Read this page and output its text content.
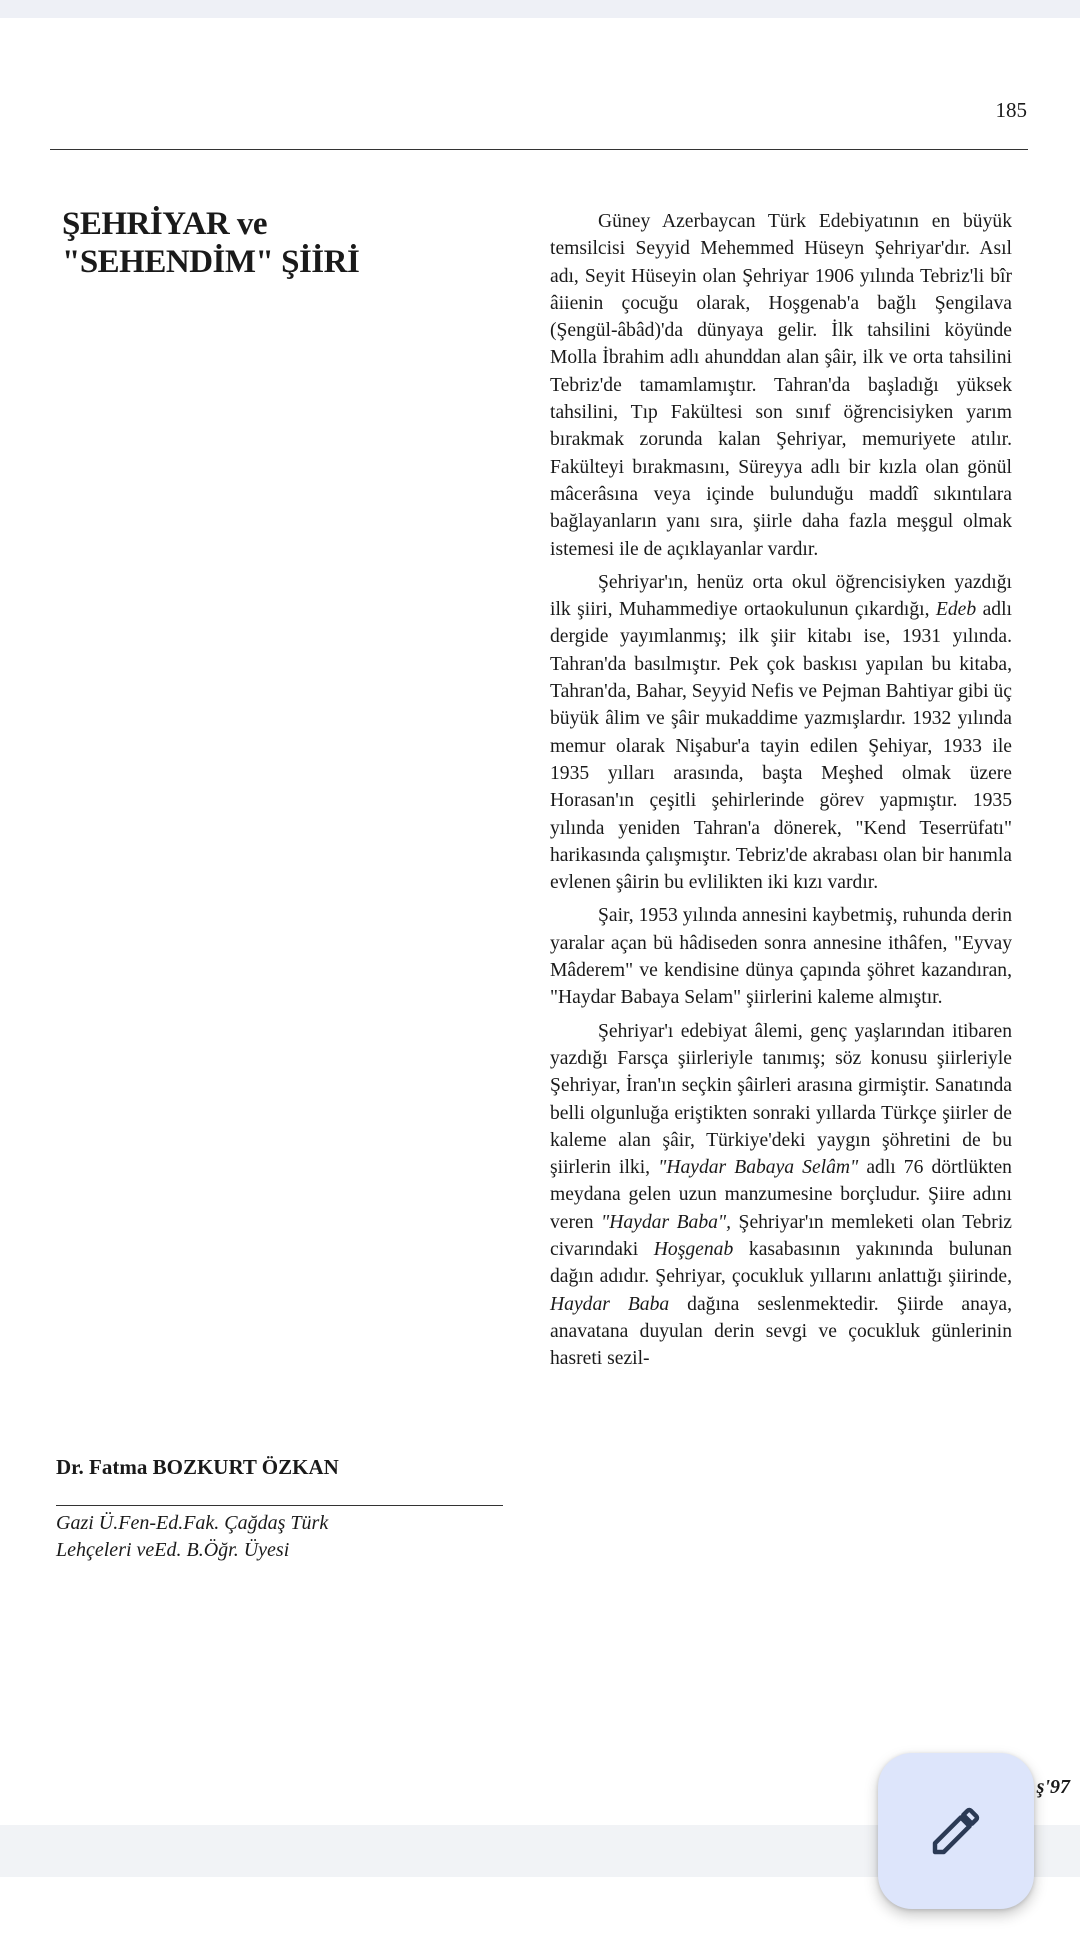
185
ŞEHRİYAR ve
"SEHENDİM" ŞİİRİ
Dr. Fatma BOZKURT ÖZKAN
Gazi Ü.Fen-Ed.Fak. Çağdaş Türk
Lehçeleri veEd. B.Öğr. Üyesi

Güney Azerbaycan Türk Edebiyatının en büyük temsilcisi Seyyid Mehemmed Hüseyn Şehriyar'dır. Asıl adı, Seyit Hüseyin olan Şehriyar 1906 yılında Tebriz'li bîr âiienin çocuğu olarak, Hoşgenab'a bağlı Şengilava (Şengül-âbâd)'da dünyaya gelir. İlk tahsilini köyünde Molla İbrahim adlı ahunddan alan şâir, ilk ve orta tahsilini Tebriz'de tamamlamıştır. Tahran'da başladığı yüksek tahsilini, Tıp Fakültesi son sınıf öğrencisiyken yarım bırakmak zorunda kalan Şehriyar, memuriyete atılır. Fakülteyi bırakmasını, Süreyya adlı bir kızla olan gönül mâcerâsına veya içinde bulunduğu maddî sıkıntılara bağlayanların yanı sıra, şiirle daha fazla meşgul olmak istemesi ile de açıklayanlar vardır.

Şehriyar'ın, henüz orta okul öğrencisiyken yazdığı ilk şiiri, Muhammediye ortaokulunun çıkardığı, Edeb adlı dergide yayımlanmış; ilk şiir kitabı ise, 1931 yılında. Tahran'da basılmıştır. Pek çok baskısı yapılan bu kitaba, Tahran'da, Bahar, Seyyid Nefis ve Pejman Bahtiyar gibi üç büyük âlim ve şâir mukaddime yazmışlardır. 1932 yılında memur olarak Nişabur'a tayin edilen Şehiyar, 1933 ile 1935 yılları arasında, başta Meşhed olmak üzere Horasan'ın çeşitli şehirlerinde görev yapmıştır. 1935 yılında yeniden Tahran'a dönerek, "Kend Teserrüfatı" harikasında çalışmıştır. Tebriz'de akrabası olan bir hanımla evlenen şâirin bu evlilikten iki kızı vardır.

Şair, 1953 yılında annesini kaybetmiş, ruhunda derin yaralar açan bü hâdiseden sonra annesine ithâfen, "Eyvay Mâderem" ve kendisine dünya çapında şöhret kazandıran, "Haydar Babaya Selam" şiirlerini kaleme almıştır.

Şehriyar'ı edebiyat âlemi, genç yaşlarından itibaren yazdığı Farsça şiirleriyle tanımış; söz konusu şiirleriyle Şehriyar, İran'ın seçkin şâirleri arasına girmiştir. Sanatında belli olgunluğa eriştikten sonraki yıllarda Türkçe şiirler de kaleme alan şâir, Türkiye'deki yaygın şöhretini de bu şiirlerin ilki, "Haydar Babaya Selâm" adlı 76 dörtlükten meydana gelen uzun manzumesine borçludur. Şiire adını veren "Haydar Baba", Şehriyar'ın memleketi olan Tebriz civarındaki Hoşgenab kasabasının yakınında bulunan dağın adıdır. Şehriyar, çocukluk yıllarını anlattığı şiirinde, Haydar Baba dağına seslenmektedir. Şiirde anaya, anavatana duyulan derin sevgi ve çocukluk günlerinin hasreti sezil-

ş'97
